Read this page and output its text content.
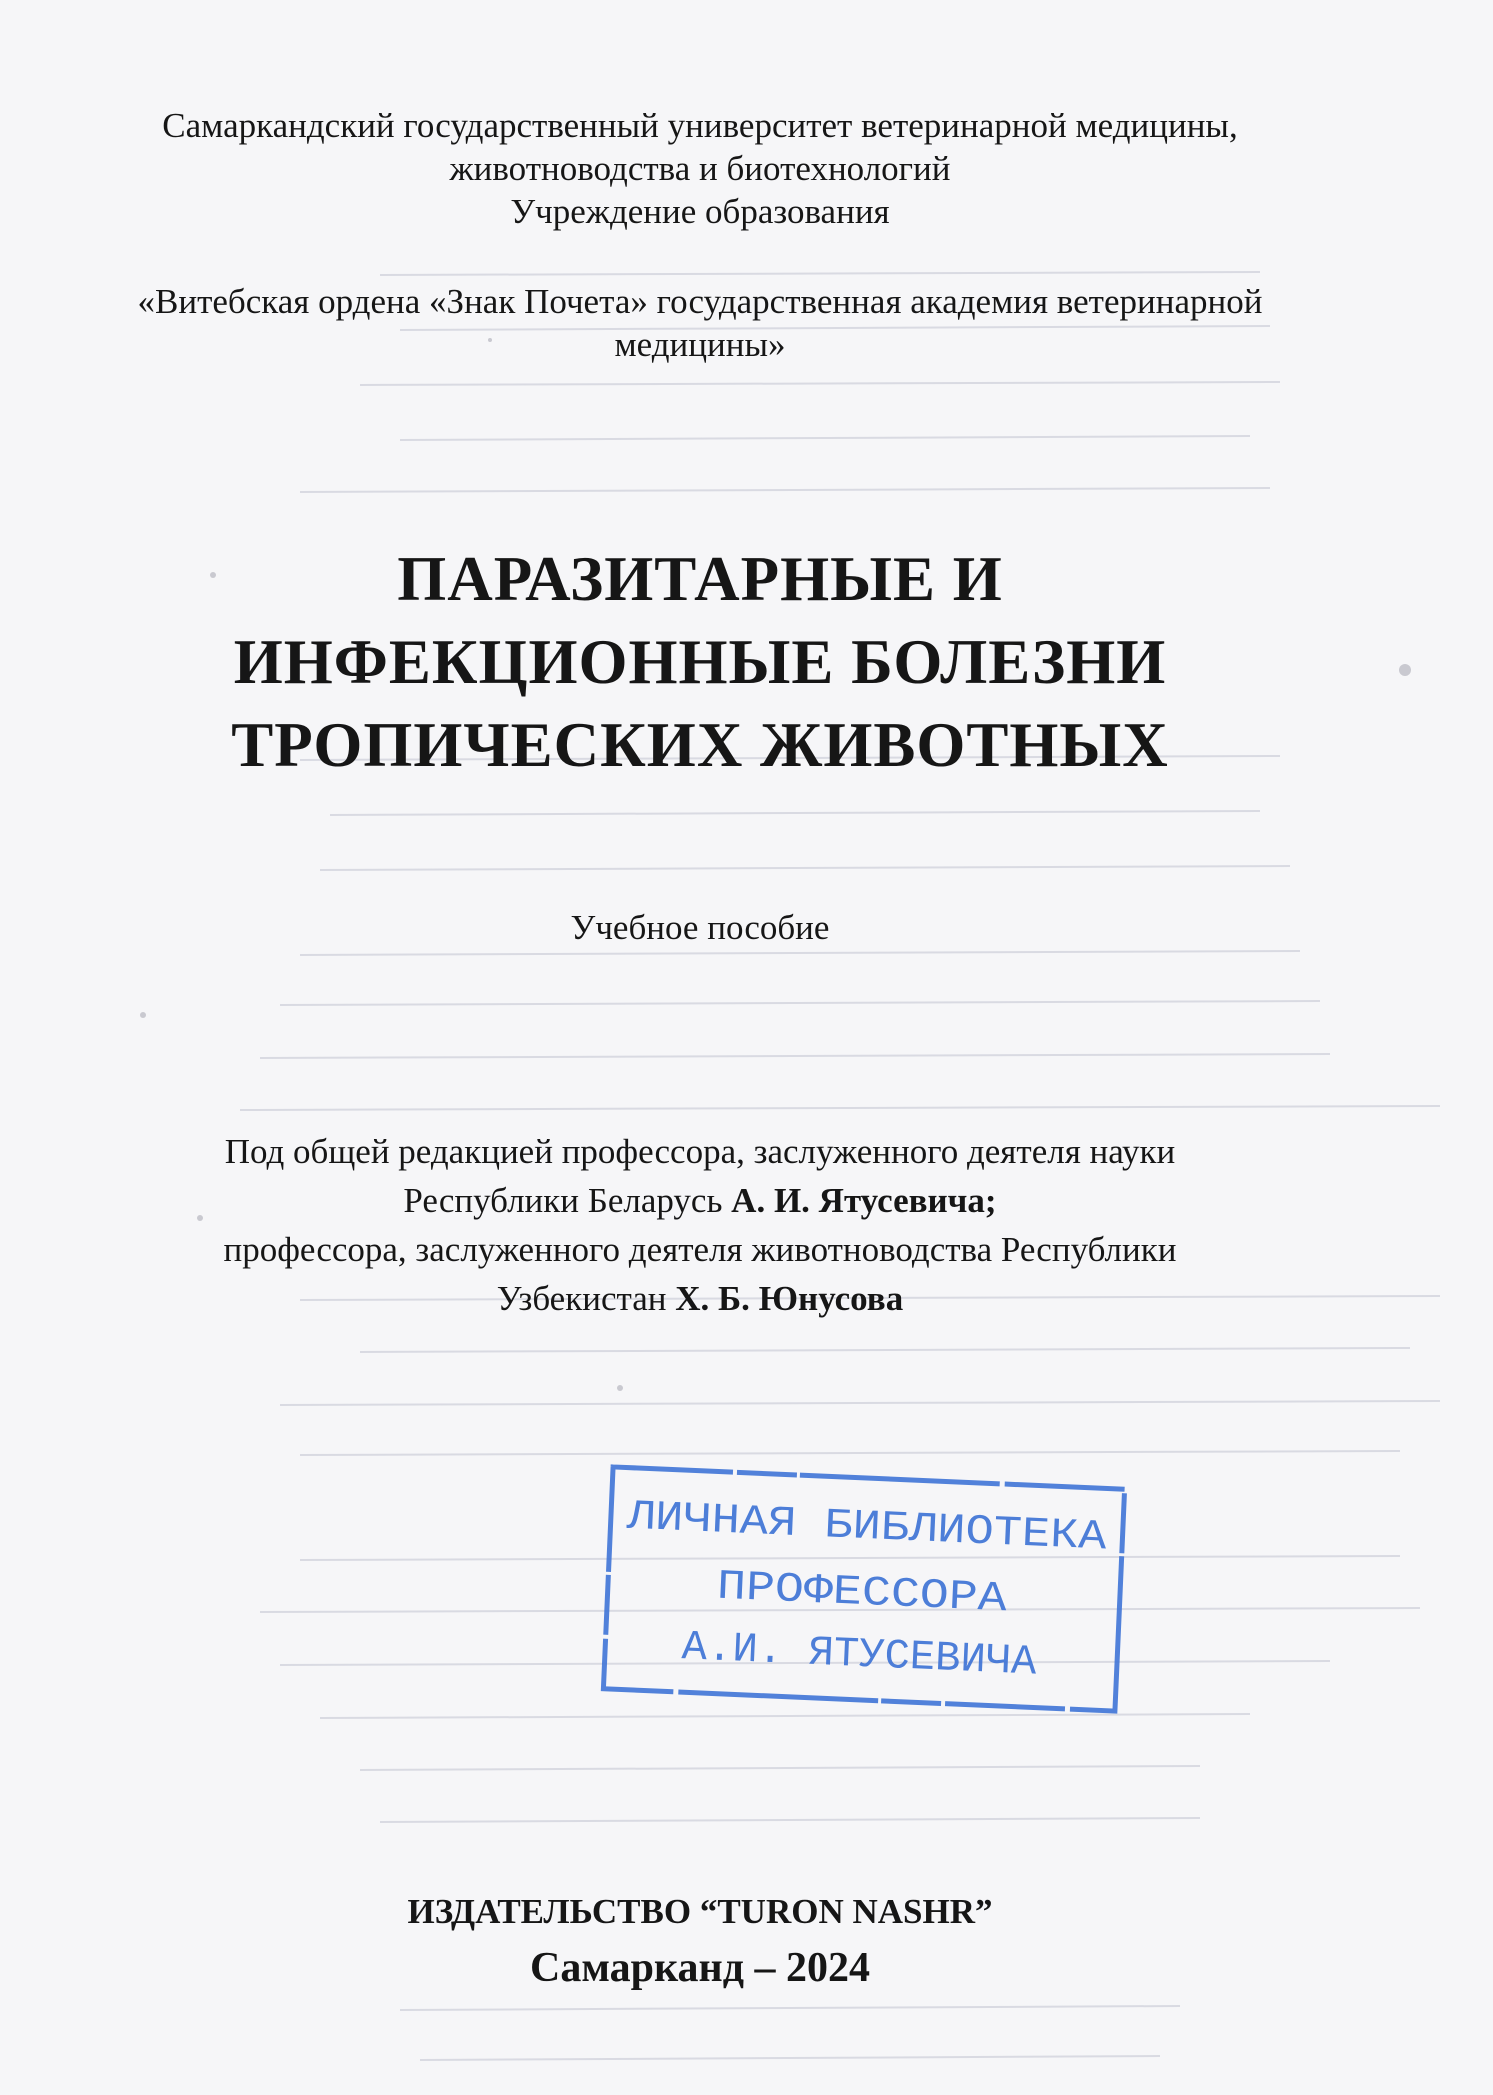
Самаркандский государственный университет ветеринарной медицины,
животноводства и биотехнологий
Учреждение образования
«Витебская ордена «Знак Почета» государственная академия ветеринарной
медицины»
ПАРАЗИТАРНЫЕ И
ИНФЕКЦИОННЫЕ БОЛЕЗНИ
ТРОПИЧЕСКИХ ЖИВОТНЫХ

Учебное пособие

Под общей редакцией профессора, заслуженного деятеля науки
Республики Беларусь А. И. Ятусевича;
профессора, заслуженного деятеля животноводства Республики
Узбекистан Х. Б. Юнусова
ЛИЧНАЯ БИБЛИОТЕКА
ПРОФЕССОРА
А.И. ЯТУСЕВИЧА

ИЗДАТЕЛЬСТВО “TURON NASHR”

Самарканд – 2024
